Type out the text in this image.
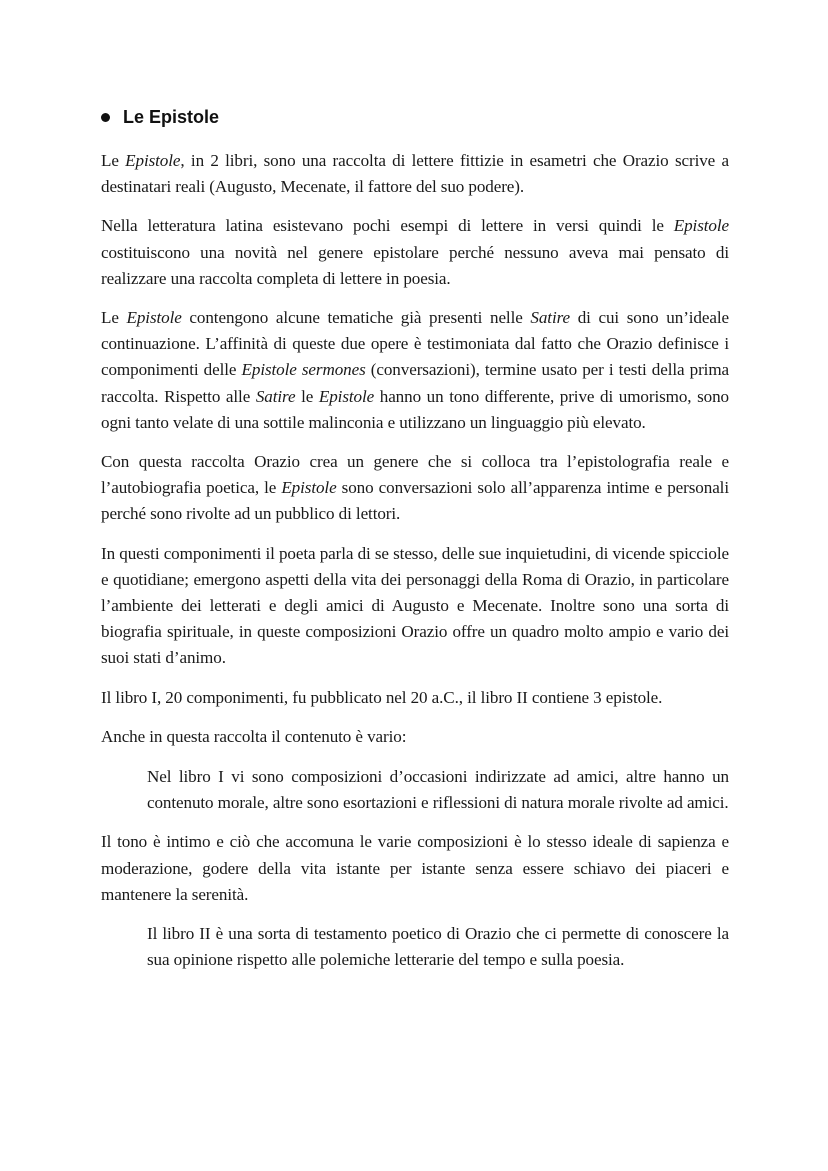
Le Epistole

Le Epistole, in 2 libri, sono una raccolta di lettere fittizie in esametri che Orazio scrive a destinatari reali (Augusto, Mecenate, il fattore del suo podere).

Nella letteratura latina esistevano pochi esempi di lettere in versi quindi le Epistole costituiscono una novità nel genere epistolare perché nessuno aveva mai pensato di realizzare una raccolta completa di lettere in poesia.

Le Epistole contengono alcune tematiche già presenti nelle Satire di cui sono un’ideale continuazione. L’affinità di queste due opere è testimoniata dal fatto che Orazio definisce i componimenti delle Epistole sermones (conversazioni), termine usato per i testi della prima raccolta. Rispetto alle Satire le Epistole hanno un tono differente, prive di umorismo, sono ogni tanto velate di una sottile malinconia e utilizzano un linguaggio più elevato.

Con questa raccolta Orazio crea un genere che si colloca tra l’epistolografia reale e l’autobiografia poetica, le Epistole sono conversazioni solo all’apparenza intime e personali perché sono rivolte ad un pubblico di lettori.

In questi componimenti il poeta parla di se stesso, delle sue inquietudini, di vicende spicciole e quotidiane; emergono aspetti della vita dei personaggi della Roma di Orazio, in particolare l’ambiente dei letterati e degli amici di Augusto e Mecenate. Inoltre sono una sorta di biografia spirituale, in queste composizioni Orazio offre un quadro molto ampio e vario dei suoi stati d’animo.

Il libro I, 20 componimenti, fu pubblicato nel 20 a.C., il libro II contiene 3 epistole.

Anche in questa raccolta il contenuto è vario:

Nel libro I vi sono composizioni d’occasioni indirizzate ad amici, altre hanno un contenuto morale, altre sono esortazioni e riflessioni di natura morale rivolte ad amici.

Il tono è intimo e ciò che accomuna le varie composizioni è lo stesso ideale di sapienza e moderazione, godere della vita istante per istante senza essere schiavo dei piaceri e mantenere la serenità.

Il libro II è una sorta di testamento poetico di Orazio che ci permette di conoscere la sua opinione rispetto alle polemiche letterarie del tempo e sulla poesia.
